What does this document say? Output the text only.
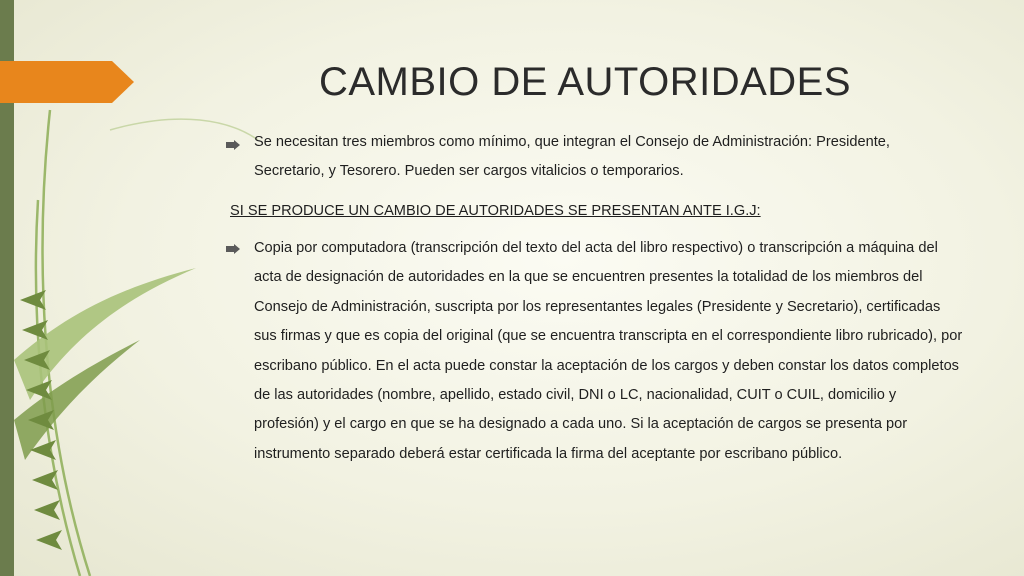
CAMBIO DE AUTORIDADES
Se necesitan tres miembros como mínimo, que integran el Consejo de Administración: Presidente, Secretario, y Tesorero. Pueden ser cargos vitalicios o temporarios.
SI SE PRODUCE UN CAMBIO DE AUTORIDADES SE PRESENTAN ANTE I.G.J:
Copia por computadora (transcripción del texto del acta del libro respectivo) o transcripción a máquina del acta de designación de autoridades en la que se encuentren presentes la totalidad de los miembros del Consejo de Administración, suscripta por los representantes legales (Presidente y Secretario), certificadas sus firmas y que es copia del original (que se encuentra transcripta en el correspondiente libro rubricado), por escribano público. En el acta puede constar la aceptación de los cargos y deben constar los datos completos de las autoridades (nombre, apellido, estado civil, DNI o LC, nacionalidad, CUIT o CUIL, domicilio y profesión) y el cargo en que se ha designado a cada uno. Si la aceptación de cargos se presenta por instrumento separado deberá estar certificada la firma del aceptante por escribano público.
